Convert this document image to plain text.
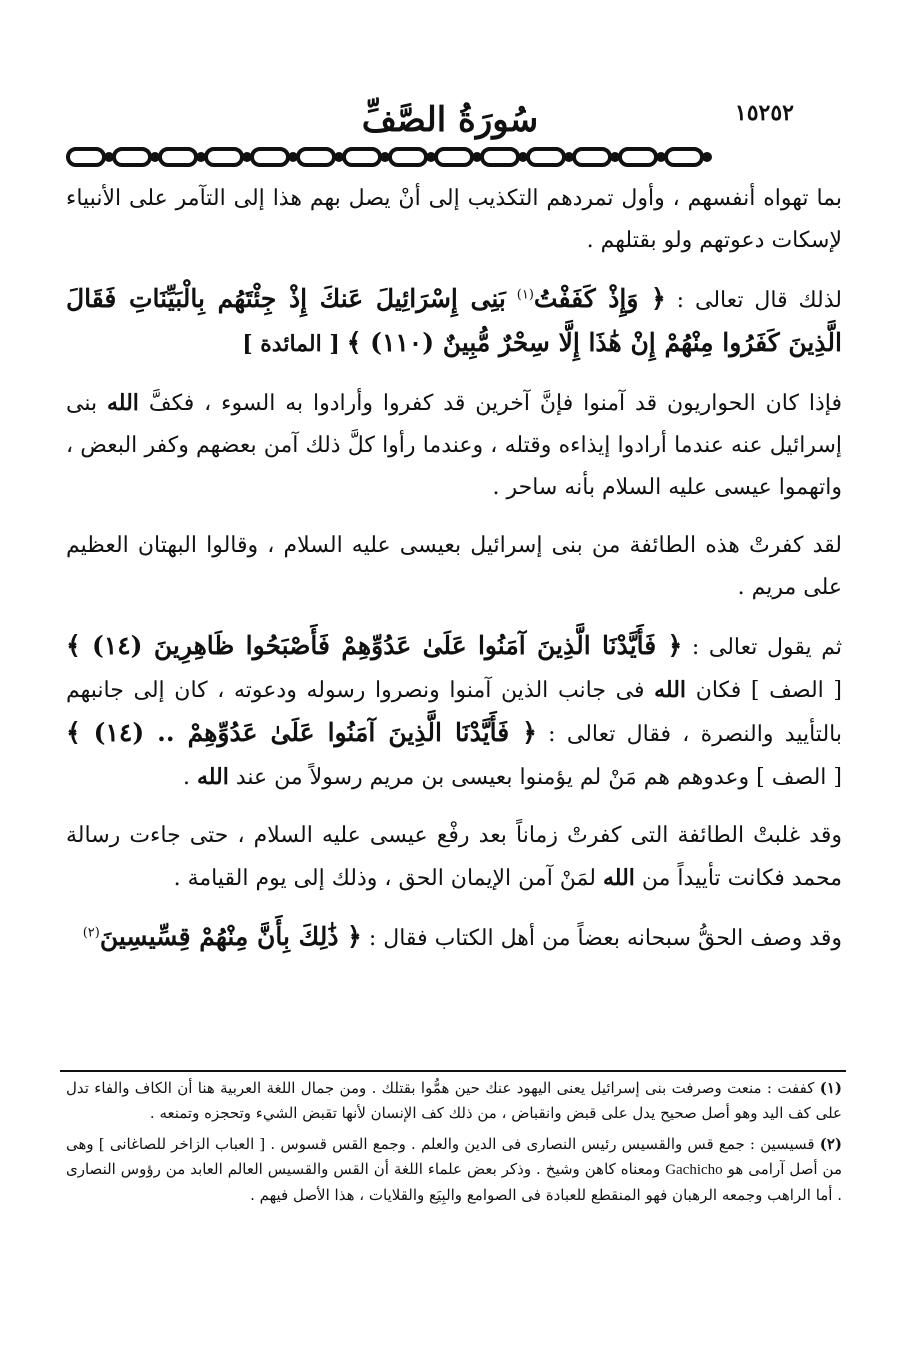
سُورَةُ الصَّفِّ	١٥٢٥٢

بما تهواه أنفسهم ، وأول تمردهم التكذيب إلى أنْ يصل بهم هذا إلى التآمر على الأنبياء لإسكات دعوتهم ولو بقتلهم .

لذلك قال تعالى : ﴿ وَإِذْ كَفَفْتُ$^{(١)}$ بَنِى إِسْرَائِيلَ عَنكَ إِذْ جِئْتَهُم بِالْبَيِّنَاتِ فَقَالَ الَّذِينَ كَفَرُوا مِنْهُمْ إِنْ هَٰذَا إِلَّا سِحْرٌ مُّبِينٌ (١١٠) ﴾ [ المائدة ]

فإذا كان الحواريون قد آمنوا فإنَّ آخرين قد كفروا وأرادوا به السوء ، فكفَّ الله بنى إسرائيل عنه عندما أرادوا إيذاءه وقتله ، وعندما رأوا كلَّ ذلك آمن بعضهم وكفر البعض ، واتهموا عيسى عليه السلام بأنه ساحر .

لقد كفرتْ هذه الطائفة من بنى إسرائيل بعيسى عليه السلام ، وقالوا البهتان العظيم على مريم .

ثم يقول تعالى : ﴿ فَأَيَّدْنَا الَّذِينَ آمَنُوا عَلَىٰ عَدُوِّهِمْ فَأَصْبَحُوا ظَاهِرِينَ (١٤) ﴾ [ الصف ] فكان الله فى جانب الذين آمنوا ونصروا رسوله ودعوته ، كان إلى جانبهم بالتأييد والنصرة ، فقال تعالى : ﴿ فَأَيَّدْنَا الَّذِينَ آمَنُوا عَلَىٰ عَدُوِّهِمْ .. (١٤) ﴾ [ الصف ] وعدوهم هم مَنْ لم يؤمنوا بعيسى بن مريم رسولاً من عند الله .

وقد غلبتْ الطائفة التى كفرتْ زماناً بعد رفْع عيسى عليه السلام ، حتى جاءت رسالة محمد فكانت تأييداً من الله لمَنْ آمن الإيمان الحق ، وذلك إلى يوم القيامة .

وقد وصف الحقُّ سبحانه بعضاً من أهل الكتاب فقال : ﴿ ذَٰلِكَ بِأَنَّ مِنْهُمْ قِسِّيسِينَ$^{(٢)}$

(١) كففت : منعت وصرفت بنى إسرائيل يعنى اليهود عنك حين همُّوا بقتلك . ومن جمال اللغة العربية هنا أن الكاف والفاء تدل على كف اليد وهو أصل صحيح يدل على قبض وانقباض ، من ذلك كف الإنسان لأنها تقبض الشيء وتحجزه وتمنعه .

(٢) قسيسين : جمع قس والقسيس رئيس النصارى فى الدين والعلم . وجمع القس قسوس . [ العباب الزاخر للصاغانى ] وهى من أصل آرامى هو Gachicho ومعناه كاهن وشيخ . وذكر بعض علماء اللغة أن القس والقسيس العالم العابد من رؤوس النصارى . أما الراهب وجمعه الرهبان فهو المنقطع للعبادة فى الصوامع والبِيَع والقلايات ، هذا الأصل فيهم .
